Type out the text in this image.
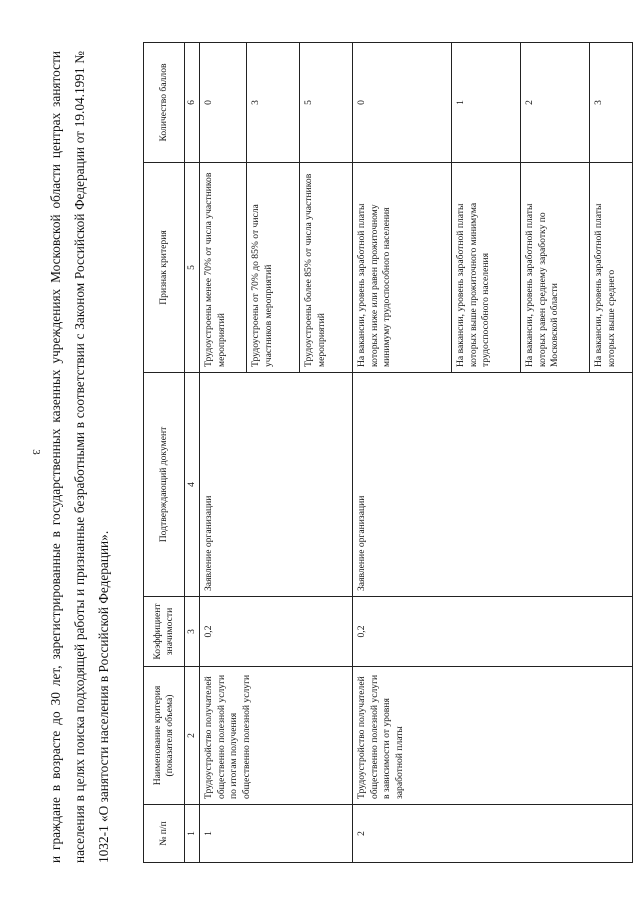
3 и граждане в возрасте до 30 лет, зарегистрированные в государственных казенных учреждениях Московской области центрах занятости населения в целях поиска подходящей работы и признанные безработными в соответствии с Законом Российской Федерации от 19.04.1991 № 1032-1 «О занятости населения в Российской Федерации».	№ п/п	Наименование критерия (показателя объема)	Коэффициент значимости	Подтверждающий документ	Признак критерия	Количество баллов
1	2	3	4	5	6
1	Трудоустройство получателей общественно полезной услуги по итогам получения общественно полезной услуги	0,2	Заявление организации	Трудоустроены менее 70% от числа участников мероприятий	0
				Трудоустроены от 70% до 85% от числа участников мероприятий	3
				Трудоустроены более 85% от числа участников мероприятий	5
2	Трудоустройство получателей общественно полезной услуги в зависимости от уровня заработной платы	0,2	Заявление организации	На вакансии, уровень заработной платы которых ниже или равен прожиточному минимуму трудоспособного населения	0
				На вакансии, уровень заработной платы которых выше прожиточного минимума трудоспособного населения	1
				На вакансии, уровень заработной платы которых равен среднему заработку по Московской области	2
				На вакансии, уровень заработной платы которых выше среднего	3
